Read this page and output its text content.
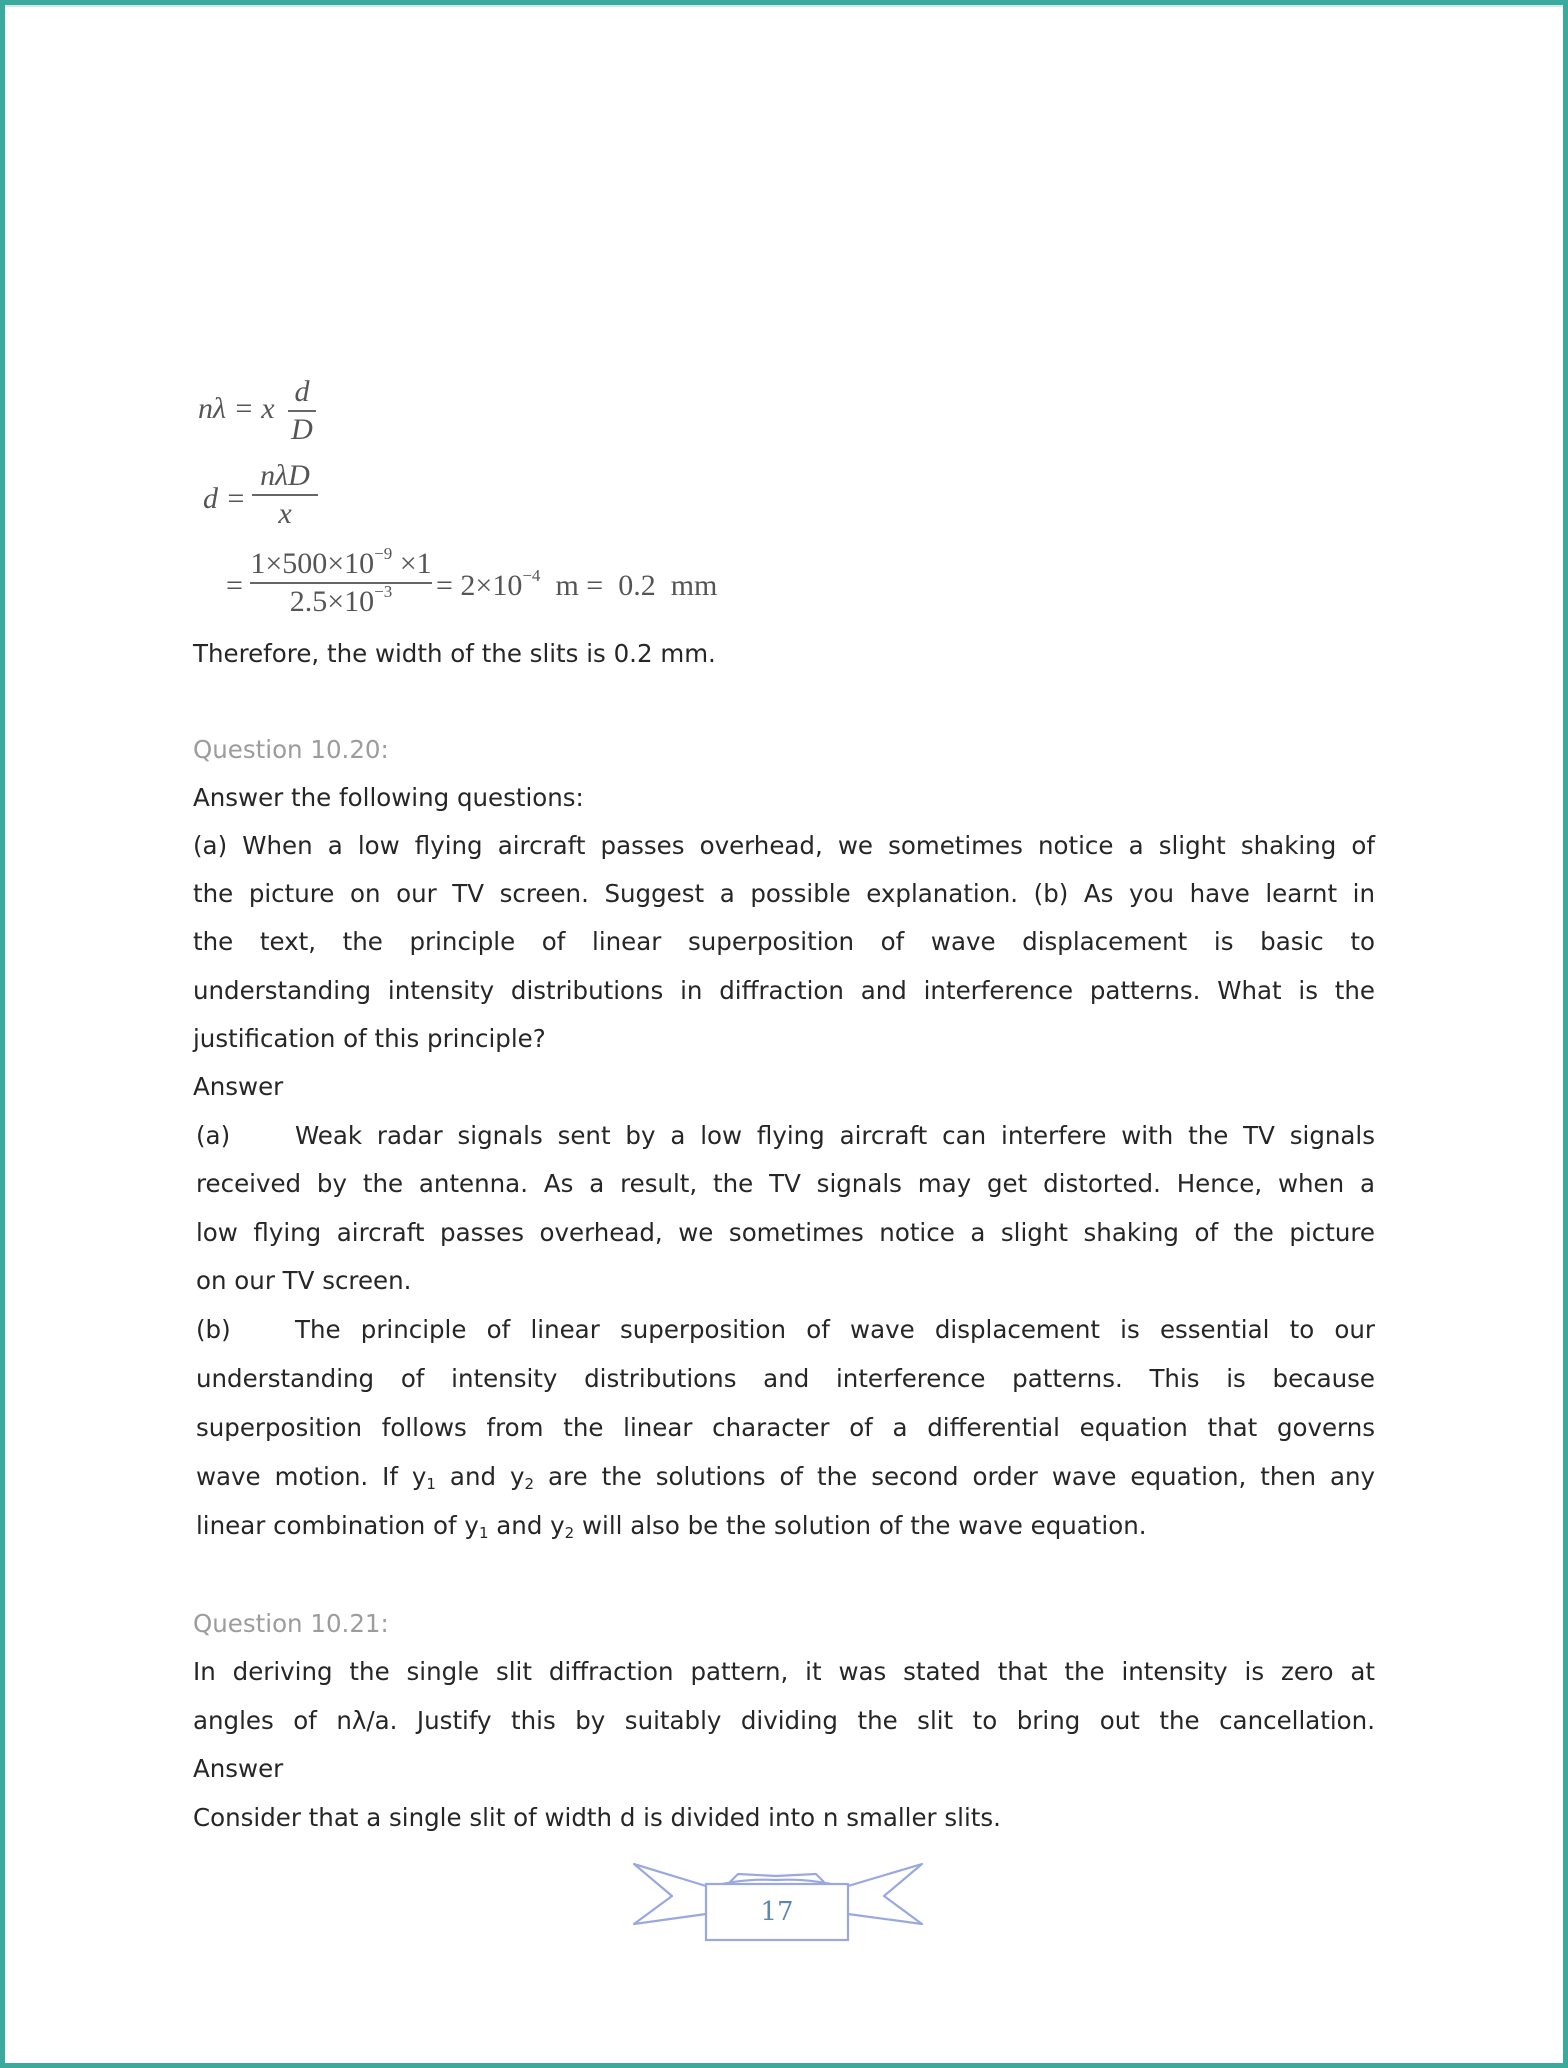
nλ = x
d
D
d =
nλD
x
=
$1\times 500\times 10^{-9} \times 1$
$2.5\times 10^{-3}$	= $2\times 10^{-4}$  m =  0.2  mm
Therefore, the width of the slits is 0.2 mm.
Question 10.20:
Answer the following questions:
(a) When a low flying aircraft passes overhead, we sometimes notice a slight shaking of
the picture on our TV screen. Suggest a possible explanation. (b) As you have learnt in
the text, the principle of linear superposition of wave displacement is basic to
understanding intensity distributions in diffraction and interference patterns. What is the
justification of this principle?
Answer
(a)	Weak radar signals sent by a low flying aircraft can interfere with the TV signals
received by the antenna. As a result, the TV signals may get distorted. Hence, when a
low flying aircraft passes overhead, we sometimes notice a slight shaking of the picture
on our TV screen.
(b)	The principle of linear superposition of wave displacement is essential to our
understanding of intensity distributions and interference patterns. This is because
superposition follows from the linear character of a differential equation that governs
wave motion. If $y_1$ and $y_2$ are the solutions of the second order wave equation, then any
linear combination of $y_1$ and $y_2$ will also be the solution of the wave equation.
Question 10.21:
In deriving the single slit diffraction pattern, it was stated that the intensity is zero at
angles of nλ/a. Justify this by suitably dividing the slit to bring out the cancellation.
Answer
Consider that a single slit of width d is divided into n smaller slits.
17
